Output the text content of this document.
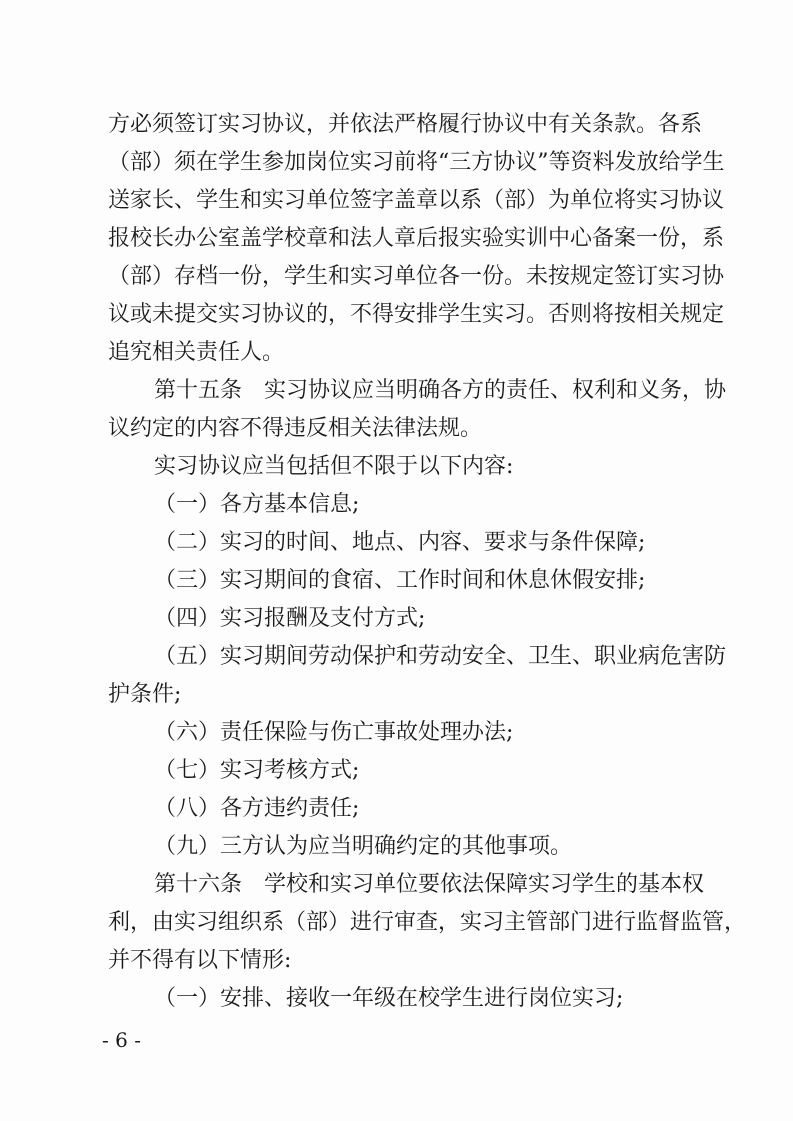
方必须签订实习协议，并依法严格履行协议中有关条款。各系
（部）须在学生参加岗位实习前将“三方协议”等资料发放给学生
送家长、学生和实习单位签字盖章以系（部）为单位将实习协议
报校长办公室盖学校章和法人章后报实验实训中心备案一份，系
（部）存档一份，学生和实习单位各一份。未按规定签订实习协
议或未提交实习协议的，不得安排学生实习。否则将按相关规定
追究相关责任人。
第十五条　实习协议应当明确各方的责任、权利和义务，协
议约定的内容不得违反相关法律法规。
实习协议应当包括但不限于以下内容:
（一）各方基本信息;
（二）实习的时间、地点、内容、要求与条件保障;
（三）实习期间的食宿、工作时间和休息休假安排;
（四）实习报酬及支付方式;
（五）实习期间劳动保护和劳动安全、卫生、职业病危害防
护条件;
（六）责任保险与伤亡事故处理办法;
（七）实习考核方式;
（八）各方违约责任;
（九）三方认为应当明确约定的其他事项。
第十六条　学校和实习单位要依法保障实习学生的基本权
利，由实习组织系（部）进行审查，实习主管部门进行监督监管，
并不得有以下情形:
（一）安排、接收一年级在校学生进行岗位实习;
- 6 -
